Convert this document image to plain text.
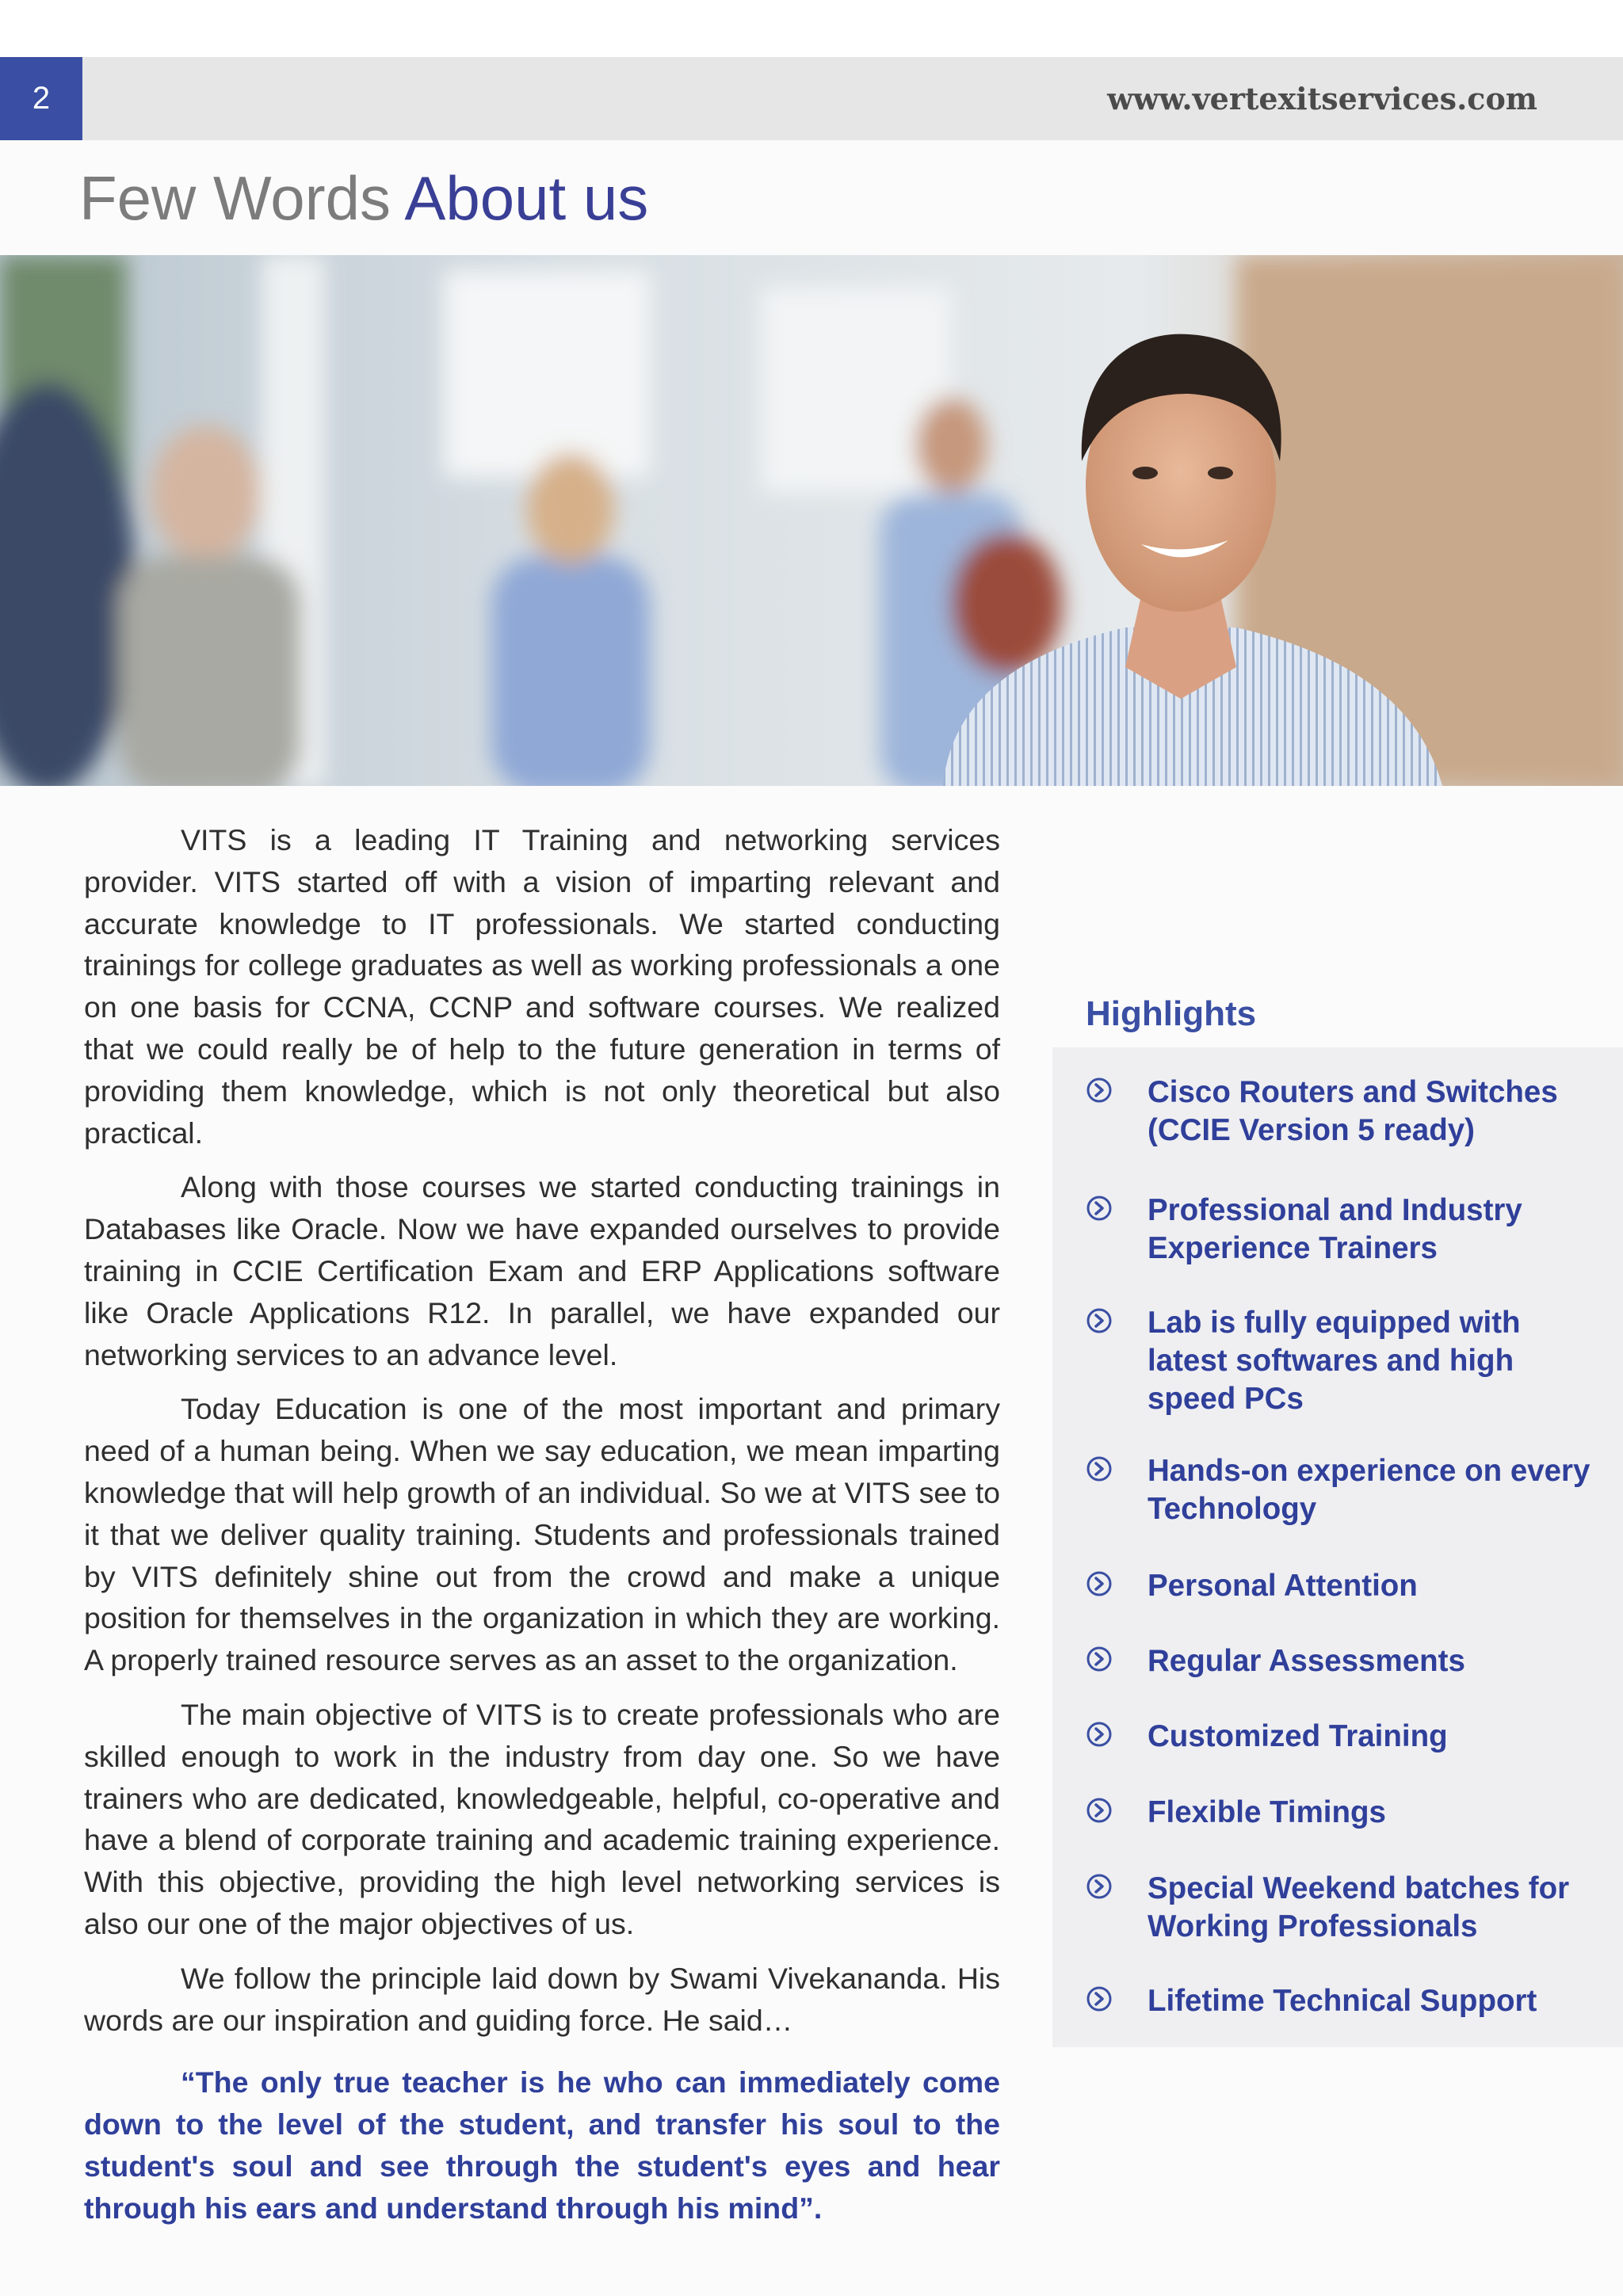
2	www.vertexitservices.com
Few Words About us

VITS is a leading IT Training and networking services provider. VITS started off with a vision of imparting relevant and accurate knowledge to IT professionals. We started conducting trainings for college graduates as well as working professionals a one on one basis for CCNA, CCNP and software courses. We realized that we could really be of help to the future generation in terms of providing them knowledge, which is not only theoretical but also practical.

Along with those courses we started conducting trainings in Databases like Oracle. Now we have expanded ourselves to provide training in CCIE Certification Exam and ERP Applications software like Oracle Applications R12. In parallel, we have expanded our networking services to an advance level.

Today Education is one of the most important and primary need of a human being. When we say education, we mean imparting knowledge that will help growth of an individual. So we at VITS see to it that we deliver quality training. Students and professionals trained by VITS definitely shine out from the crowd and make a unique position for themselves in the organization in which they are working. A properly trained resource serves as an asset to the organization.

The main objective of VITS is to create professionals who are skilled enough to work in the industry from day one. So we have trainers who are dedicated, knowledgeable, helpful, co-operative and have a blend of corporate training and academic training experience. With this objective, providing the high level networking services is also our one of the major objectives of us.

We follow the principle laid down by Swami Vivekananda. His words are our inspiration and guiding force. He said…

“The only true teacher is he who can immediately come down to the level of the student, and transfer his soul to the student's soul and see through the student's eyes and hear through his ears and understand through his mind”.

Highlights
Cisco Routers and Switches (CCIE Version 5 ready)
Professional and Industry Experience Trainers
Lab is fully equipped with latest softwares and high speed PCs
Hands-on experience on every Technology
Personal Attention
Regular Assessments
Customized Training
Flexible Timings
Special Weekend batches for Working Professionals
Lifetime Technical Support
